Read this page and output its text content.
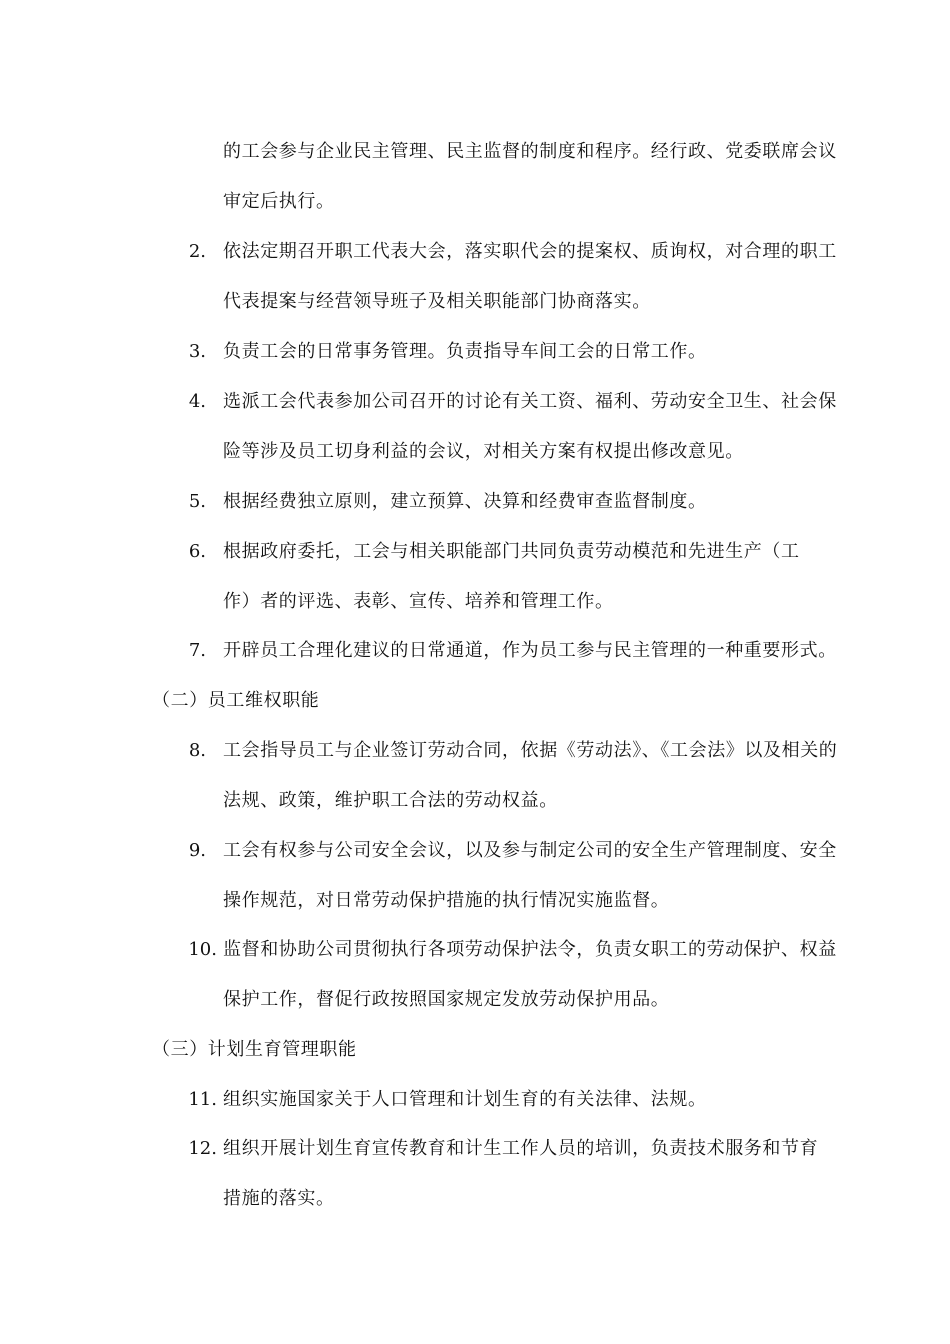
的工会参与企业民主管理、民主监督的制度和程序。经行政、党委联席会议
审定后执行。
2. 依法定期召开职工代表大会，落实职代会的提案权、质询权，对合理的职工
代表提案与经营领导班子及相关职能部门协商落实。
3. 负责工会的日常事务管理。负责指导车间工会的日常工作。
4. 选派工会代表参加公司召开的讨论有关工资、福利、劳动安全卫生、社会保
险等涉及员工切身利益的会议，对相关方案有权提出修改意见。
5. 根据经费独立原则，建立预算、决算和经费审查监督制度。
6. 根据政府委托，工会与相关职能部门共同负责劳动模范和先进生产（工
作）者的评选、表彰、宣传、培养和管理工作。
7. 开辟员工合理化建议的日常通道，作为员工参与民主管理的一种重要形式。
（二）员工维权职能
8. 工会指导员工与企业签订劳动合同，依据《劳动法》、《工会法》以及相关的
法规、政策，维护职工合法的劳动权益。
9. 工会有权参与公司安全会议，以及参与制定公司的安全生产管理制度、安全
操作规范，对日常劳动保护措施的执行情况实施监督。
10. 监督和协助公司贯彻执行各项劳动保护法令，负责女职工的劳动保护、权益
保护工作，督促行政按照国家规定发放劳动保护用品。
（三）计划生育管理职能
11. 组织实施国家关于人口管理和计划生育的有关法律、法规。
12. 组织开展计划生育宣传教育和计生工作人员的培训，负责技术服务和节育
措施的落实。
